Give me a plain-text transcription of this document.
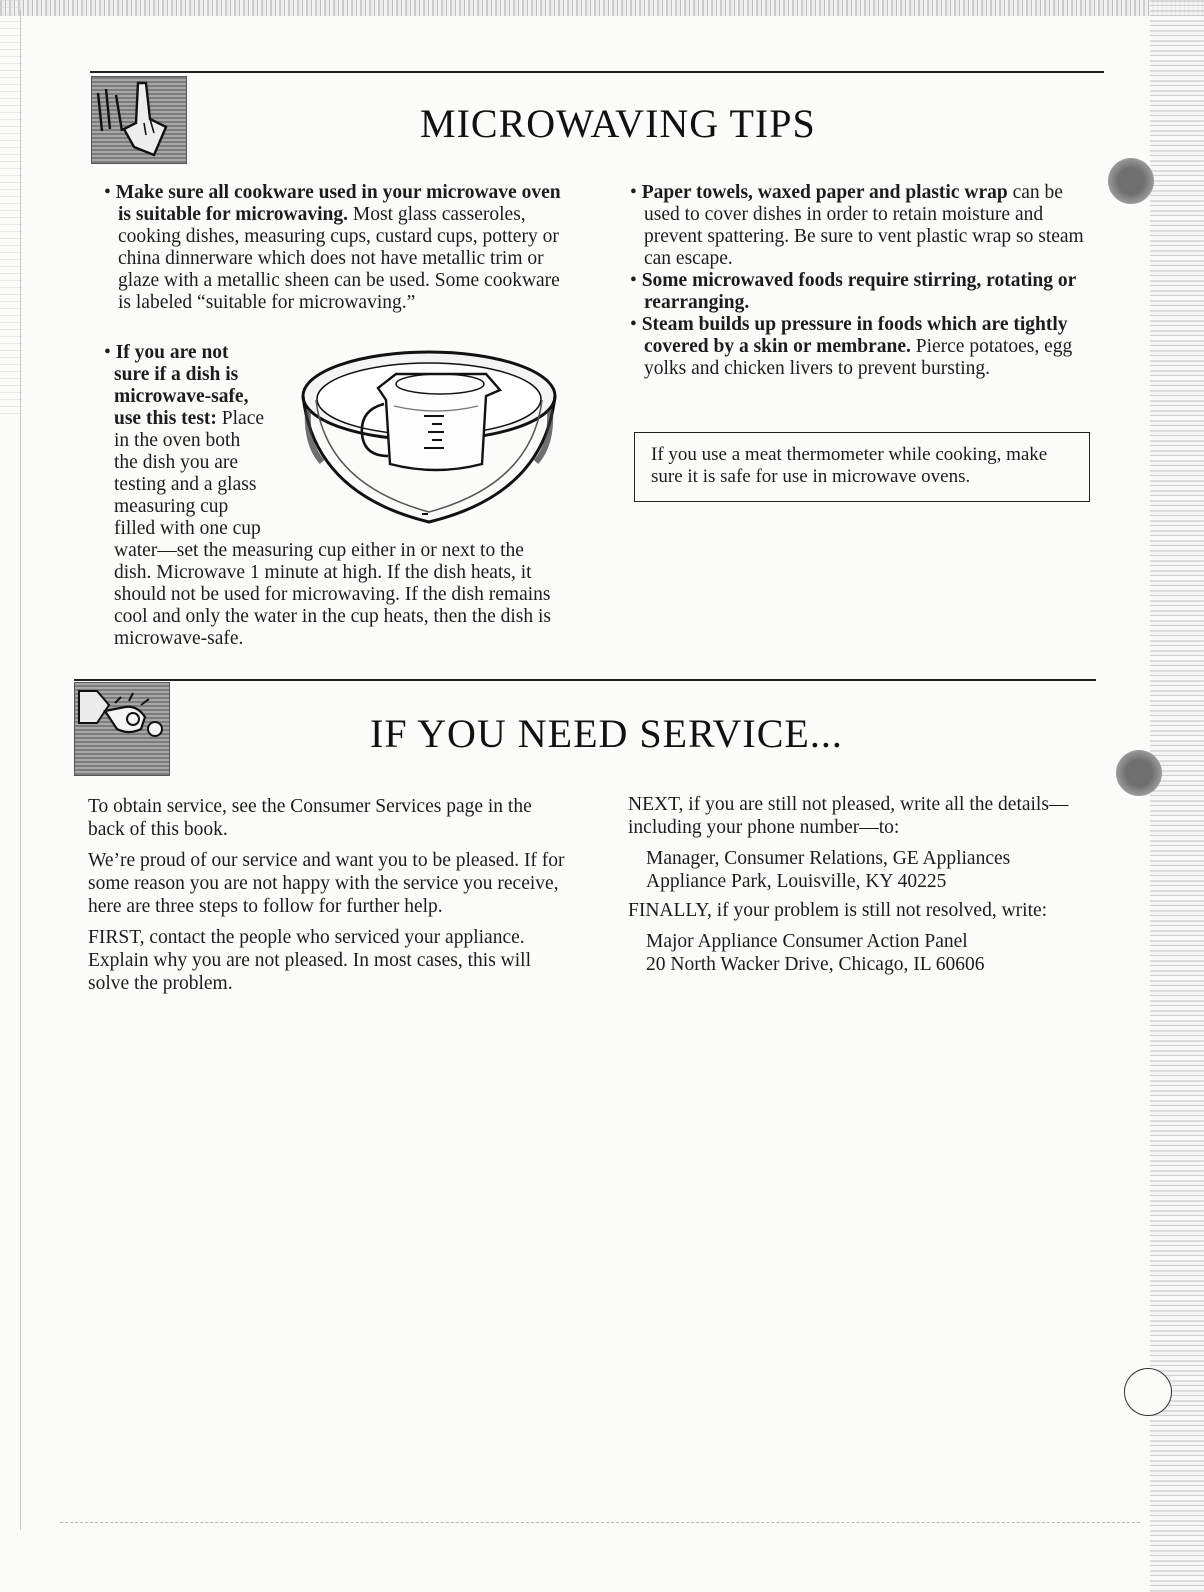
MICROWAVING TIPS

• Make sure all cookware used in your microwave oven is suitable for microwaving. Most glass casseroles, cooking dishes, measuring cups, custard cups, pottery or china dinnerware which does not have metallic trim or glaze with a metallic sheen can be used. Some cookware is labeled “suitable for microwaving.”

• If you are not sure if a dish is microwave-safe, use this test: Place in the oven both the dish you are testing and a glass measuring cup filled with one cup water—set the measuring cup either in or next to the dish. Microwave 1 minute at high. If the dish heats, it should not be used for microwaving. If the dish remains cool and only the water in the cup heats, then the dish is microwave-safe.

• Paper towels, waxed paper and plastic wrap can be used to cover dishes in order to retain moisture and prevent spattering. Be sure to vent plastic wrap so steam can escape.

• Some microwaved foods require stirring, rotating or rearranging.

• Steam builds up pressure in foods which are tightly covered by a skin or membrane. Pierce potatoes, egg yolks and chicken livers to prevent bursting.

If you use a meat thermometer while cooking, make sure it is safe for use in microwave ovens.
IF YOU NEED SERVICE...

To obtain service, see the Consumer Services page in the back of this book.

We’re proud of our service and want you to be pleased. If for some reason you are not happy with the service you receive, here are three steps to follow for further help.

FIRST, contact the people who serviced your appliance. Explain why you are not pleased. In most cases, this will solve the problem.

NEXT, if you are still not pleased, write all the details—including your phone number—to:

Manager, Consumer Relations, GE Appliances
Appliance Park, Louisville, KY 40225

FINALLY, if your problem is still not resolved, write:

Major Appliance Consumer Action Panel
20 North Wacker Drive, Chicago, IL 60606
